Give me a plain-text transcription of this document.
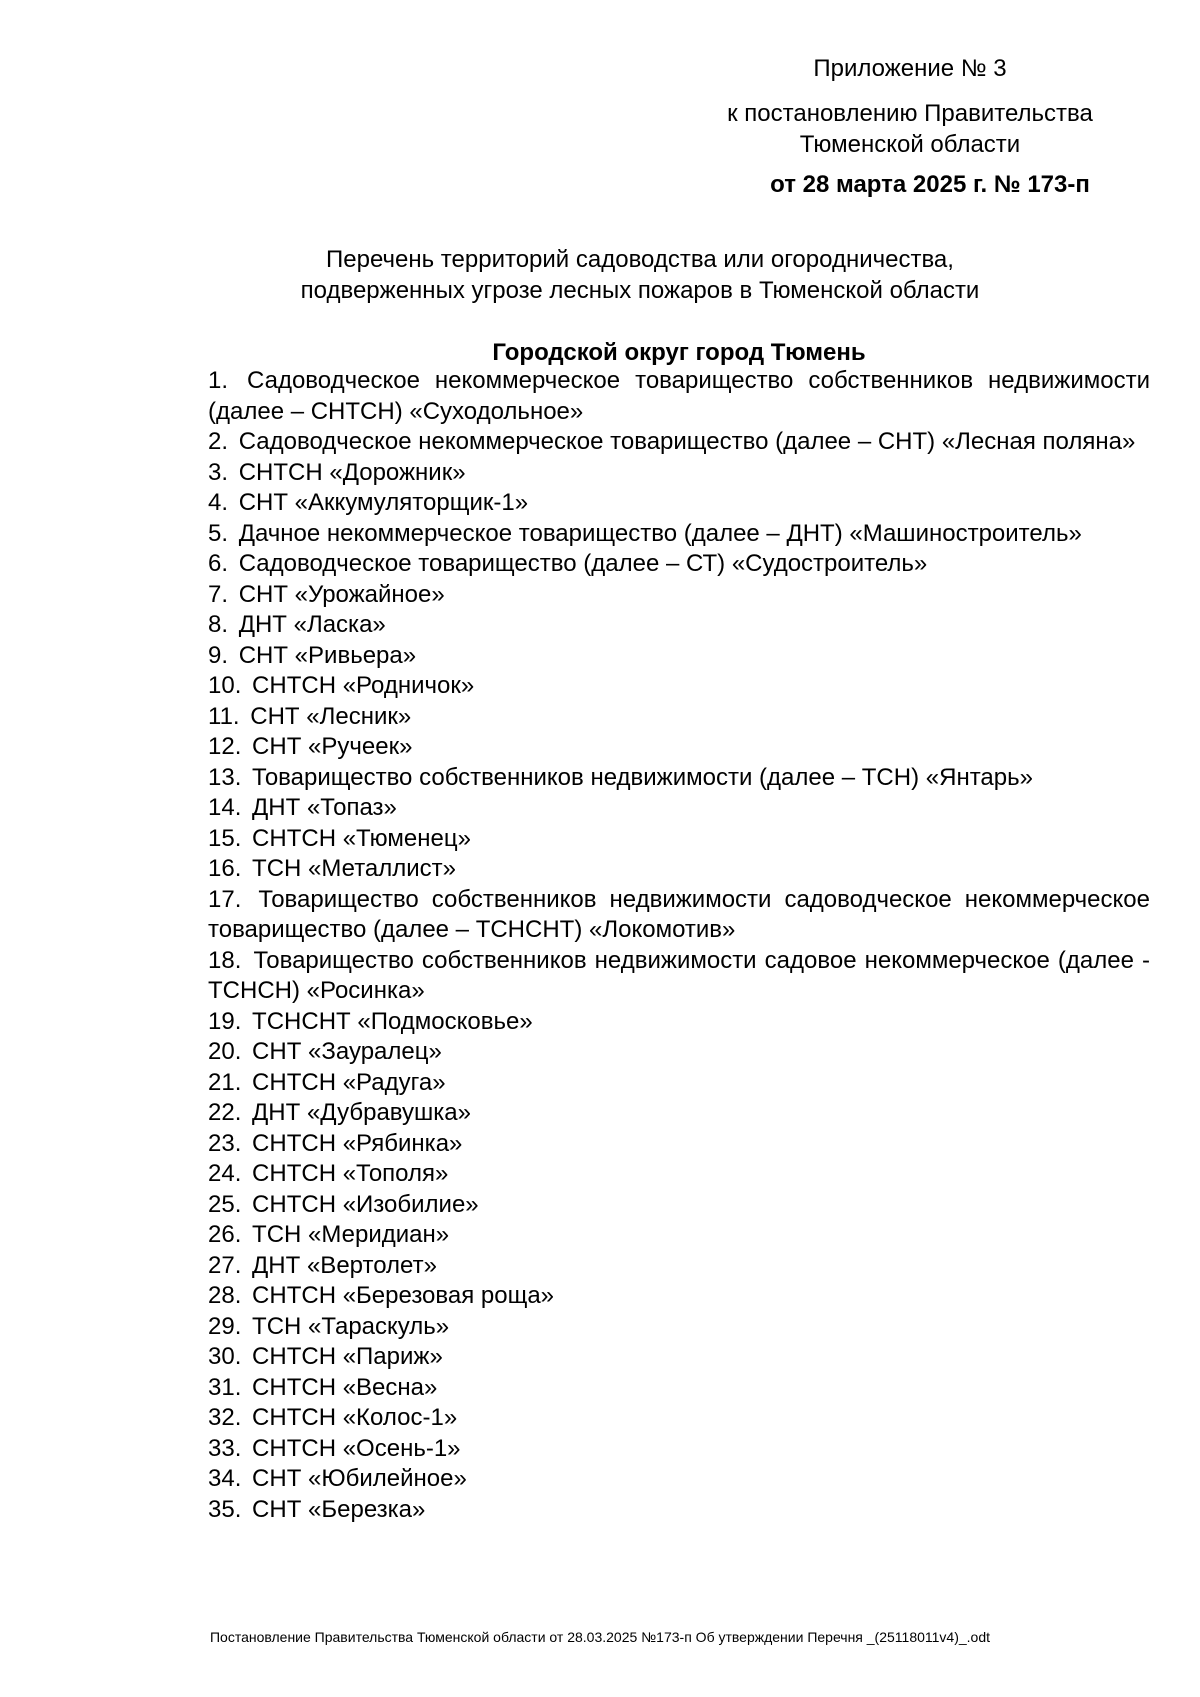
Приложение № 3
к постановлению Правительства
Тюменской области
от 28 марта 2025 г. № 173-п
Перечень территорий садоводства или огородничества,
подверженных угрозе лесных пожаров в Тюменской области
Городской округ город Тюмень
1. Садоводческое некоммерческое товарищество собственников недвижимости (далее – СНТСН) «Суходольное»
2. Садоводческое некоммерческое товарищество (далее – СНТ) «Лесная поляна»
3. СНТСН «Дорожник»
4. СНТ «Аккумуляторщик-1»
5. Дачное некоммерческое товарищество (далее – ДНТ) «Машиностроитель»
6. Садоводческое товарищество (далее – СТ) «Судостроитель»
7. СНТ «Урожайное»
8. ДНТ «Ласка»
9. СНТ «Ривьера»
10. СНТСН «Родничок»
11. СНТ «Лесник»
12. СНТ «Ручеек»
13. Товарищество собственников недвижимости (далее – ТСН) «Янтарь»
14. ДНТ «Топаз»
15. СНТСН «Тюменец»
16. ТСН «Металлист»
17. Товарищество собственников недвижимости садоводческое некоммерческое товарищество (далее – ТСНСНТ) «Локомотив»
18. Товарищество собственников недвижимости садовое некоммерческое (далее - ТСНСН) «Росинка»
19. ТСНСНТ «Подмосковье»
20. СНТ «Зауралец»
21. СНТСН «Радуга»
22. ДНТ «Дубравушка»
23. СНТСН «Рябинка»
24. СНТСН «Тополя»
25. СНТСН «Изобилие»
26. ТСН «Меридиан»
27. ДНТ «Вертолет»
28. СНТСН «Березовая роща»
29. ТСН «Тараскуль»
30. СНТСН «Париж»
31. СНТСН «Весна»
32. СНТСН «Колос-1»
33. СНТСН «Осень-1»
34. СНТ «Юбилейное»
35. СНТ «Березка»
Постановление Правительства Тюменской области от 28.03.2025 №173-п Об утверждении Перечня _(25118011v4)_.odt
